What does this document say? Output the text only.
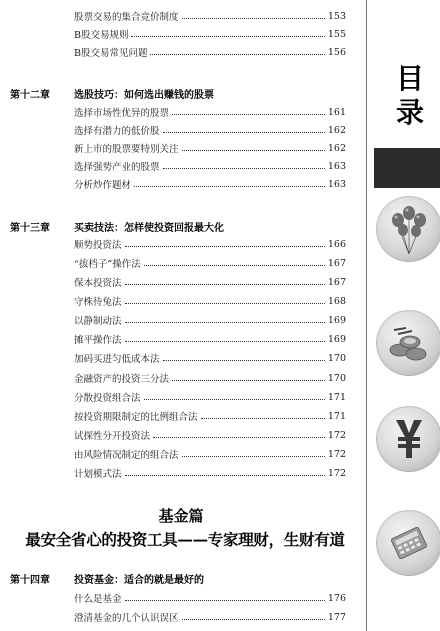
股票交易的集合竞价制度	153
B股交易规则	155
B股交易常见问题	156
第十二章	选股技巧：如何选出赚钱的股票
选择市场性优异的股票	161
选择有潜力的低价股	162
新上市的股票要特别关注	162
选择强势产业的股票	163
分析炒作题材	163
第十三章	买卖技法：怎样使投资回报最大化
顺势投资法	166
“拔档子”操作法	167
保本投资法	167
守株待兔法	168
以静制动法	169
摊平操作法	169
加码买进匀低成本法	170
金融资产的投资三分法	170
分散投资组合法	171
按投资期限制定的比例组合法	171
试探性分开投资法	172
由风险情况制定的组合法	172
计划模式法	172
基金篇
最安全省心的投资工具——专家理财，生财有道
第十四章	投资基金：适合的就是最好的
什么是基金	176
澄清基金的几个认识误区	177
目
录
